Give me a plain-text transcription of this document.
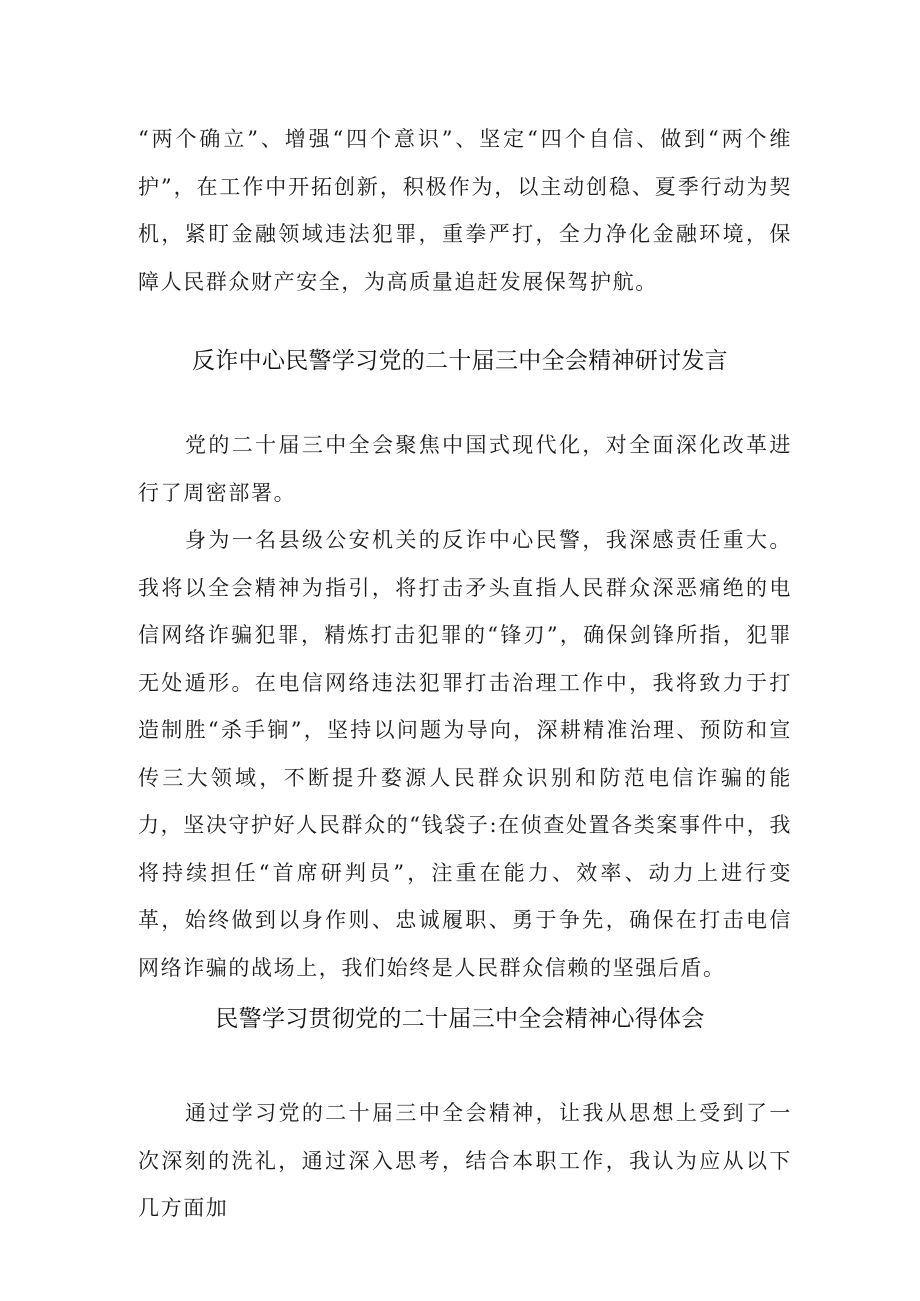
“两个确立”、增强“四个意识”、坚定“四个自信、做到“两个维护”，在工作中开拓创新，积极作为，以主动创稳、夏季行动为契机，紧盯金融领域违法犯罪，重拳严打，全力净化金融环境，保障人民群众财产安全，为高质量追赶发展保驾护航。

反诈中心民警学习党的二十届三中全会精神研讨发言

党的二十届三中全会聚焦中国式现代化，对全面深化改革进行了周密部署。

身为一名县级公安机关的反诈中心民警，我深感责任重大。我将以全会精神为指引，将打击矛头直指人民群众深恶痛绝的电信网络诈骗犯罪，精炼打击犯罪的“锋刃”，确保剑锋所指，犯罪无处遁形。在电信网络违法犯罪打击治理工作中，我将致力于打造制胜“杀手锏”，坚持以问题为导向，深耕精准治理、预防和宣传三大领域，不断提升婺源人民群众识别和防范电信诈骗的能力，坚决守护好人民群众的“钱袋子:在侦查处置各类案事件中，我将持续担任“首席研判员”，注重在能力、效率、动力上进行变革，始终做到以身作则、忠诚履职、勇于争先，确保在打击电信网络诈骗的战场上，我们始终是人民群众信赖的坚强后盾。

民警学习贯彻党的二十届三中全会精神心得体会

通过学习党的二十届三中全会精神，让我从思想上受到了一次深刻的洗礼，通过深入思考，结合本职工作，我认为应从以下几方面加
